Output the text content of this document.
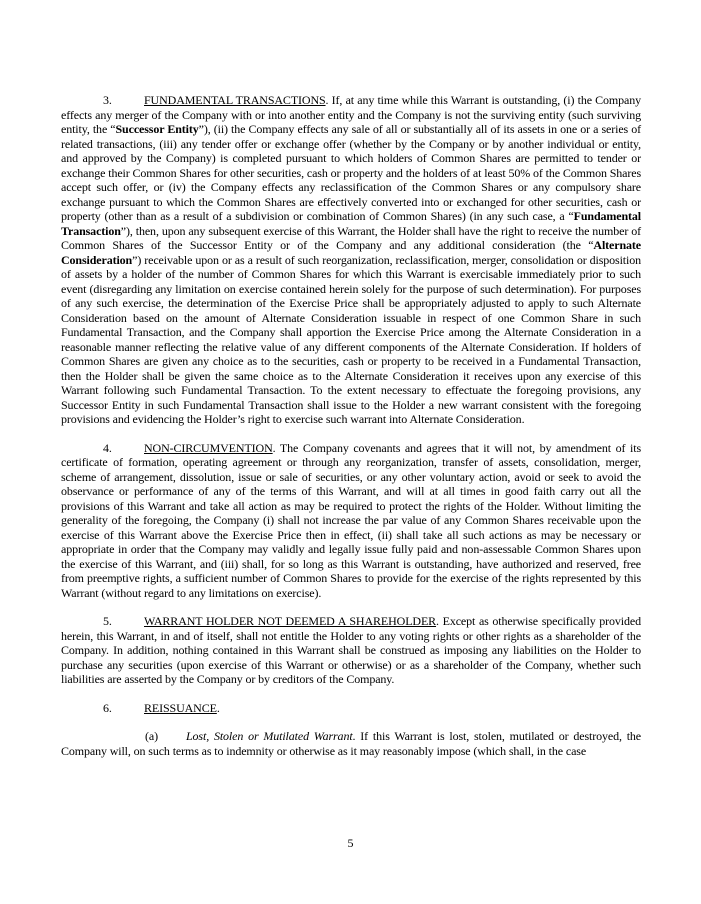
3.	FUNDAMENTAL TRANSACTIONS. If, at any time while this Warrant is outstanding, (i) the Company effects any merger of the Company with or into another entity and the Company is not the surviving entity (such surviving entity, the “Successor Entity”), (ii) the Company effects any sale of all or substantially all of its assets in one or a series of related transactions, (iii) any tender offer or exchange offer (whether by the Company or by another individual or entity, and approved by the Company) is completed pursuant to which holders of Common Shares are permitted to tender or exchange their Common Shares for other securities, cash or property and the holders of at least 50% of the Common Shares accept such offer, or (iv) the Company effects any reclassification of the Common Shares or any compulsory share exchange pursuant to which the Common Shares are effectively converted into or exchanged for other securities, cash or property (other than as a result of a subdivision or combination of Common Shares) (in any such case, a “Fundamental Transaction”), then, upon any subsequent exercise of this Warrant, the Holder shall have the right to receive the number of Common Shares of the Successor Entity or of the Company and any additional consideration (the “Alternate Consideration”) receivable upon or as a result of such reorganization, reclassification, merger, consolidation or disposition of assets by a holder of the number of Common Shares for which this Warrant is exercisable immediately prior to such event (disregarding any limitation on exercise contained herein solely for the purpose of such determination). For purposes of any such exercise, the determination of the Exercise Price shall be appropriately adjusted to apply to such Alternate Consideration based on the amount of Alternate Consideration issuable in respect of one Common Share in such Fundamental Transaction, and the Company shall apportion the Exercise Price among the Alternate Consideration in a reasonable manner reflecting the relative value of any different components of the Alternate Consideration. If holders of Common Shares are given any choice as to the securities, cash or property to be received in a Fundamental Transaction, then the Holder shall be given the same choice as to the Alternate Consideration it receives upon any exercise of this Warrant following such Fundamental Transaction. To the extent necessary to effectuate the foregoing provisions, any Successor Entity in such Fundamental Transaction shall issue to the Holder a new warrant consistent with the foregoing provisions and evidencing the Holder’s right to exercise such warrant into Alternate Consideration.

4.	NON-CIRCUMVENTION. The Company covenants and agrees that it will not, by amendment of its certificate of formation, operating agreement or through any reorganization, transfer of assets, consolidation, merger, scheme of arrangement, dissolution, issue or sale of securities, or any other voluntary action, avoid or seek to avoid the observance or performance of any of the terms of this Warrant, and will at all times in good faith carry out all the provisions of this Warrant and take all action as may be required to protect the rights of the Holder. Without limiting the generality of the foregoing, the Company (i) shall not increase the par value of any Common Shares receivable upon the exercise of this Warrant above the Exercise Price then in effect, (ii) shall take all such actions as may be necessary or appropriate in order that the Company may validly and legally issue fully paid and non-assessable Common Shares upon the exercise of this Warrant, and (iii) shall, for so long as this Warrant is outstanding, have authorized and reserved, free from preemptive rights, a sufficient number of Common Shares to provide for the exercise of the rights represented by this Warrant (without regard to any limitations on exercise).

5.	WARRANT HOLDER NOT DEEMED A SHAREHOLDER. Except as otherwise specifically provided herein, this Warrant, in and of itself, shall not entitle the Holder to any voting rights or other rights as a shareholder of the Company. In addition, nothing contained in this Warrant shall be construed as imposing any liabilities on the Holder to purchase any securities (upon exercise of this Warrant or otherwise) or as a shareholder of the Company, whether such liabilities are asserted by the Company or by creditors of the Company.

6.	REISSUANCE.

(a) Lost, Stolen or Mutilated Warrant. If this Warrant is lost, stolen, mutilated or destroyed, the Company will, on such terms as to indemnity or otherwise as it may reasonably impose (which shall, in the case

5
